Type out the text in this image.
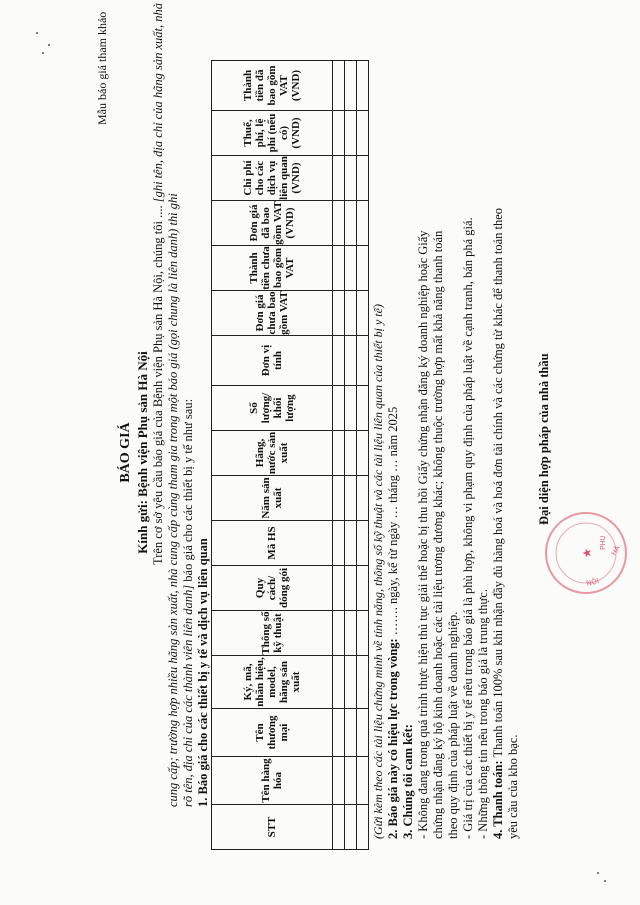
Mẫu báo giá tham khảo
BÁO GIÁ Kính gửi: Bệnh viện Phụ sản Hà Nội Trên cơ sở yêu cầu báo giá của Bệnh viện Phụ sản Hà Nội, chúng tôi .... [ghi tên, địa chỉ của hãng sản xuất, nhà
cung cấp; trường hợp nhiều hãng sản xuất, nhà cung cấp cùng tham gia trong một báo giá (gọi chung là liên danh) thì ghi rõ tên, địa chỉ của các thành viên liên danh] báo giá cho các thiết bị y tế như sau:
1. Báo giá cho các thiết bị y tế và dịch vụ liên quan
STT	Tên hàng hóa	Tên thương mại	Ký, mã, nhãn hiệu, model, hãng sản xuất	Thông số kỹ thuật	Quy cách/ đóng gói	Mã HS	Năm sản xuất	Hãng, nước sản xuất	Số lượng/ khối lượng	Đơn vị tính	Đơn giá chưa bao gồm VAT	Thành tiền chưa bao gồm VAT	Đơn giá đã bao gồm VAT (VND)	Chi phí cho các dịch vụ liên quan (VND)	Thuế, phí, lệ phí (nếu có) (VND)	Thành tiền đã bao gồm VAT (VND)

(Gửi kèm theo các tài liệu chứng minh về tính năng, thông số kỹ thuật và các tài liệu liên quan của thiết bị y tế) 2. Báo giá này có hiệu lực trong vòng: ……. ngày, kể từ ngày … tháng … năm 2025
3. Chúng tôi cam kết: - Không đang trong quá trình thực hiện thủ tục giải thể hoặc bị thu hồi Giấy chứng nhận đăng ký doanh nghiệp hoặc Giấy chứng nhận đăng ký hộ kinh doanh hoặc các tài liệu tương đương khác; không thuộc trường hợp mất khả năng thanh toán theo quy định của pháp luật về doanh nghiệp. - Giá trị của các thiết bị y tế nêu trong báo giá là phù hợp, không vi phạm quy định của pháp luật về cạnh tranh, bán phá giá. - Những thông tin nêu trong báo giá là trung thực. 4. Thanh toán: Thanh toán 100% sau khi nhận đầy đủ hàng hoá và hoá đơn tài chính và các chứng từ khác để thanh toán theo
yêu cầu của kho bạc.
Đại diện hợp pháp của nhà thầu
★
PHỤ
HÀ
NỘI
